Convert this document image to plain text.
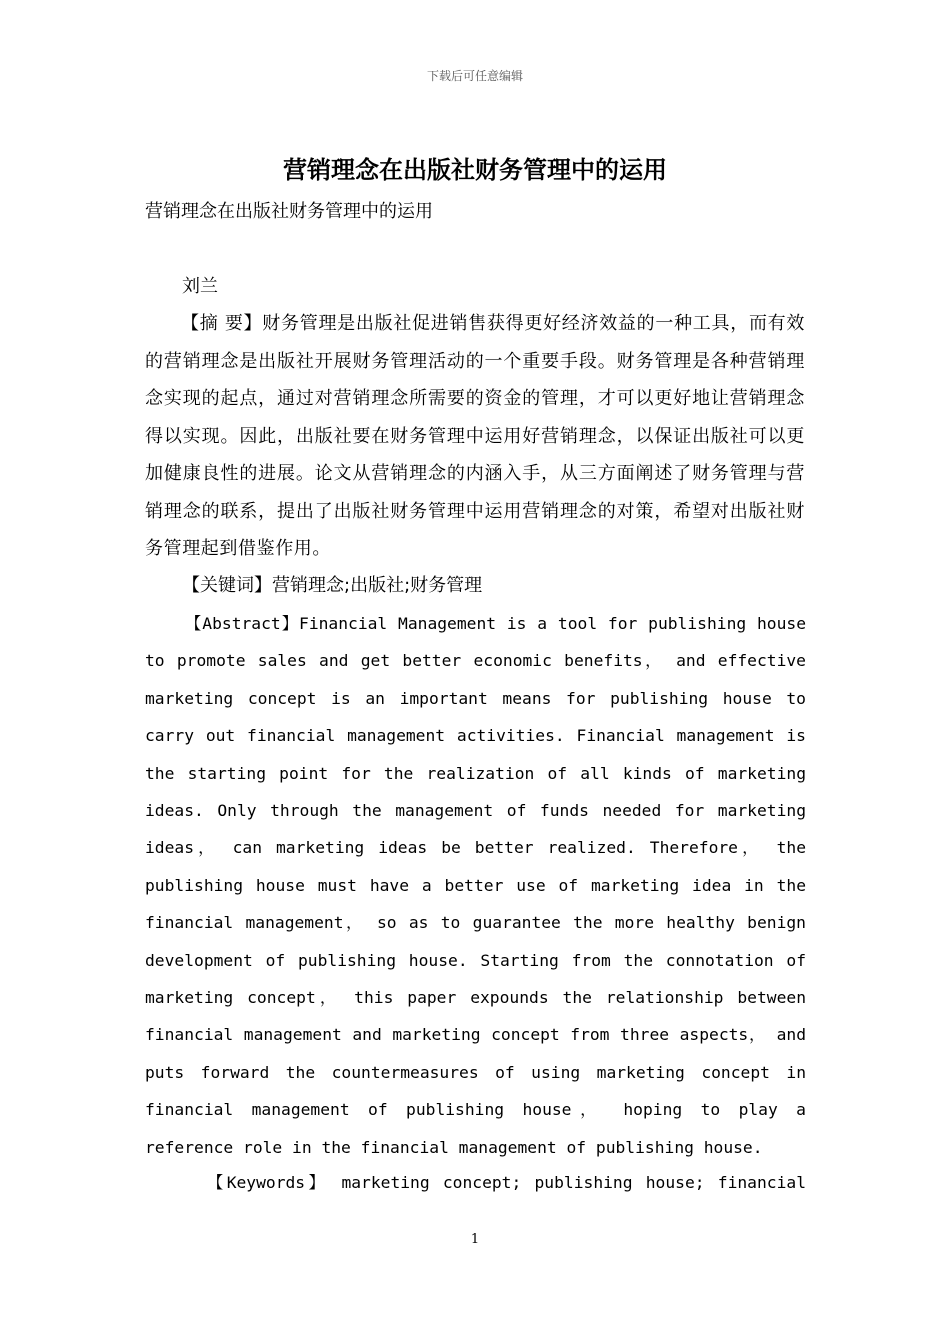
下载后可任意编辑
营销理念在出版社财务管理中的运用

营销理念在出版社财务管理中的运用

刘兰

【摘 要】财务管理是出版社促进销售获得更好经济效益的一种工具，而有效的营销理念是出版社开展财务管理活动的一个重要手段。财务管理是各种营销理念实现的起点，通过对营销理念所需要的资金的管理，才可以更好地让营销理念得以实现。因此，出版社要在财务管理中运用好营销理念，以保证出版社可以更加健康良性的进展。论文从营销理念的内涵入手，从三方面阐述了财务管理与营销理念的联系，提出了出版社财务管理中运用营销理念的对策，希望对出版社财务管理起到借鉴作用。

【关键词】营销理念;出版社;财务管理

【Abstract】Financial Management is a tool for publishing house to promote sales and get better economic benefits， and effective marketing concept is an important means for publishing house to carry out financial management activities. Financial management is the starting point for the realization of all kinds of marketing ideas. Only through the management of funds needed for marketing ideas， can marketing ideas be better realized. Therefore， the publishing house must have a better use of marketing idea in the financial management， so as to guarantee the more healthy benign development of publishing house. Starting from the connotation of marketing concept， this paper expounds the relationship between financial management and marketing concept from three aspects， and puts forward the countermeasures of using marketing concept in financial management of publishing house， hoping to play a reference role in the financial management of publishing house.

【Keywords】 marketing concept; publishing house; financial

1
